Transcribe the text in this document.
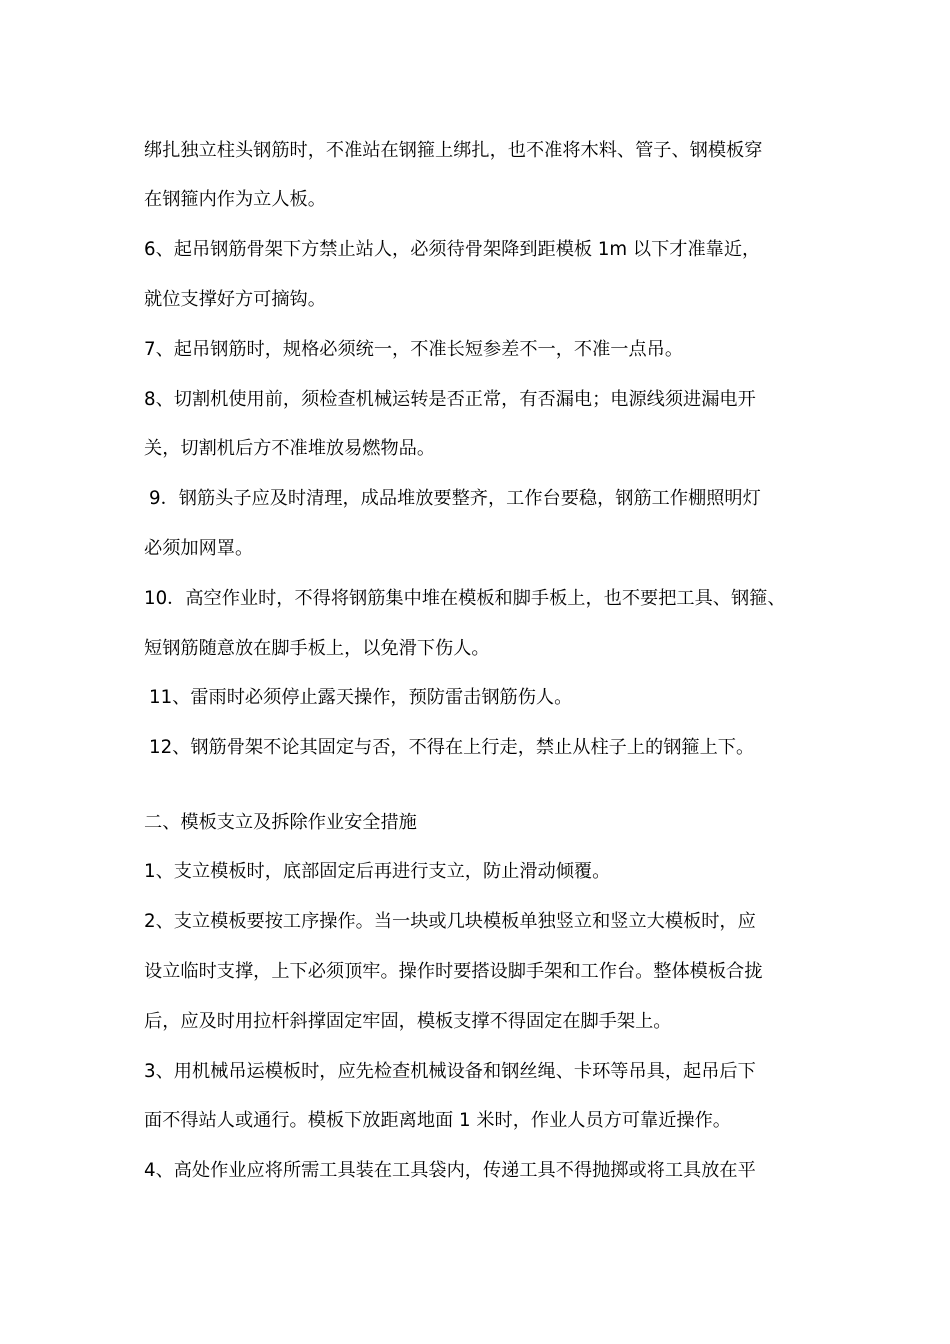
绑扎独立柱头钢筋时，不准站在钢箍上绑扎，也不准将木料、管子、钢模板穿

在钢箍内作为立人板。

6、起吊钢筋骨架下方禁止站人，必须待骨架降到距模板 1m 以下才准靠近，

就位支撑好方可摘钩。

7、起吊钢筋时，规格必须统一，不准长短参差不一，不准一点吊。

8、切割机使用前，须检查机械运转是否正常，有否漏电；电源线须进漏电开

关，切割机后方不准堆放易燃物品。

9．钢筋头子应及时清理，成品堆放要整齐，工作台要稳，钢筋工作棚照明灯

必须加网罩。

10．高空作业时，不得将钢筋集中堆在模板和脚手板上，也不要把工具、钢箍、

短钢筋随意放在脚手板上，以免滑下伤人。

11、雷雨时必须停止露天操作，预防雷击钢筋伤人。

12、钢筋骨架不论其固定与否，不得在上行走，禁止从柱子上的钢箍上下。

二、模板支立及拆除作业安全措施

1、支立模板时，底部固定后再进行支立，防止滑动倾覆。

2、支立模板要按工序操作。当一块或几块模板单独竖立和竖立大模板时，应

设立临时支撑，上下必须顶牢。操作时要搭设脚手架和工作台。整体模板合拢

后，应及时用拉杆斜撑固定牢固，模板支撑不得固定在脚手架上。

3、用机械吊运模板时，应先检查机械设备和钢丝绳、卡环等吊具，起吊后下

面不得站人或通行。模板下放距离地面 1 米时，作业人员方可靠近操作。

4、高处作业应将所需工具装在工具袋内，传递工具不得抛掷或将工具放在平
